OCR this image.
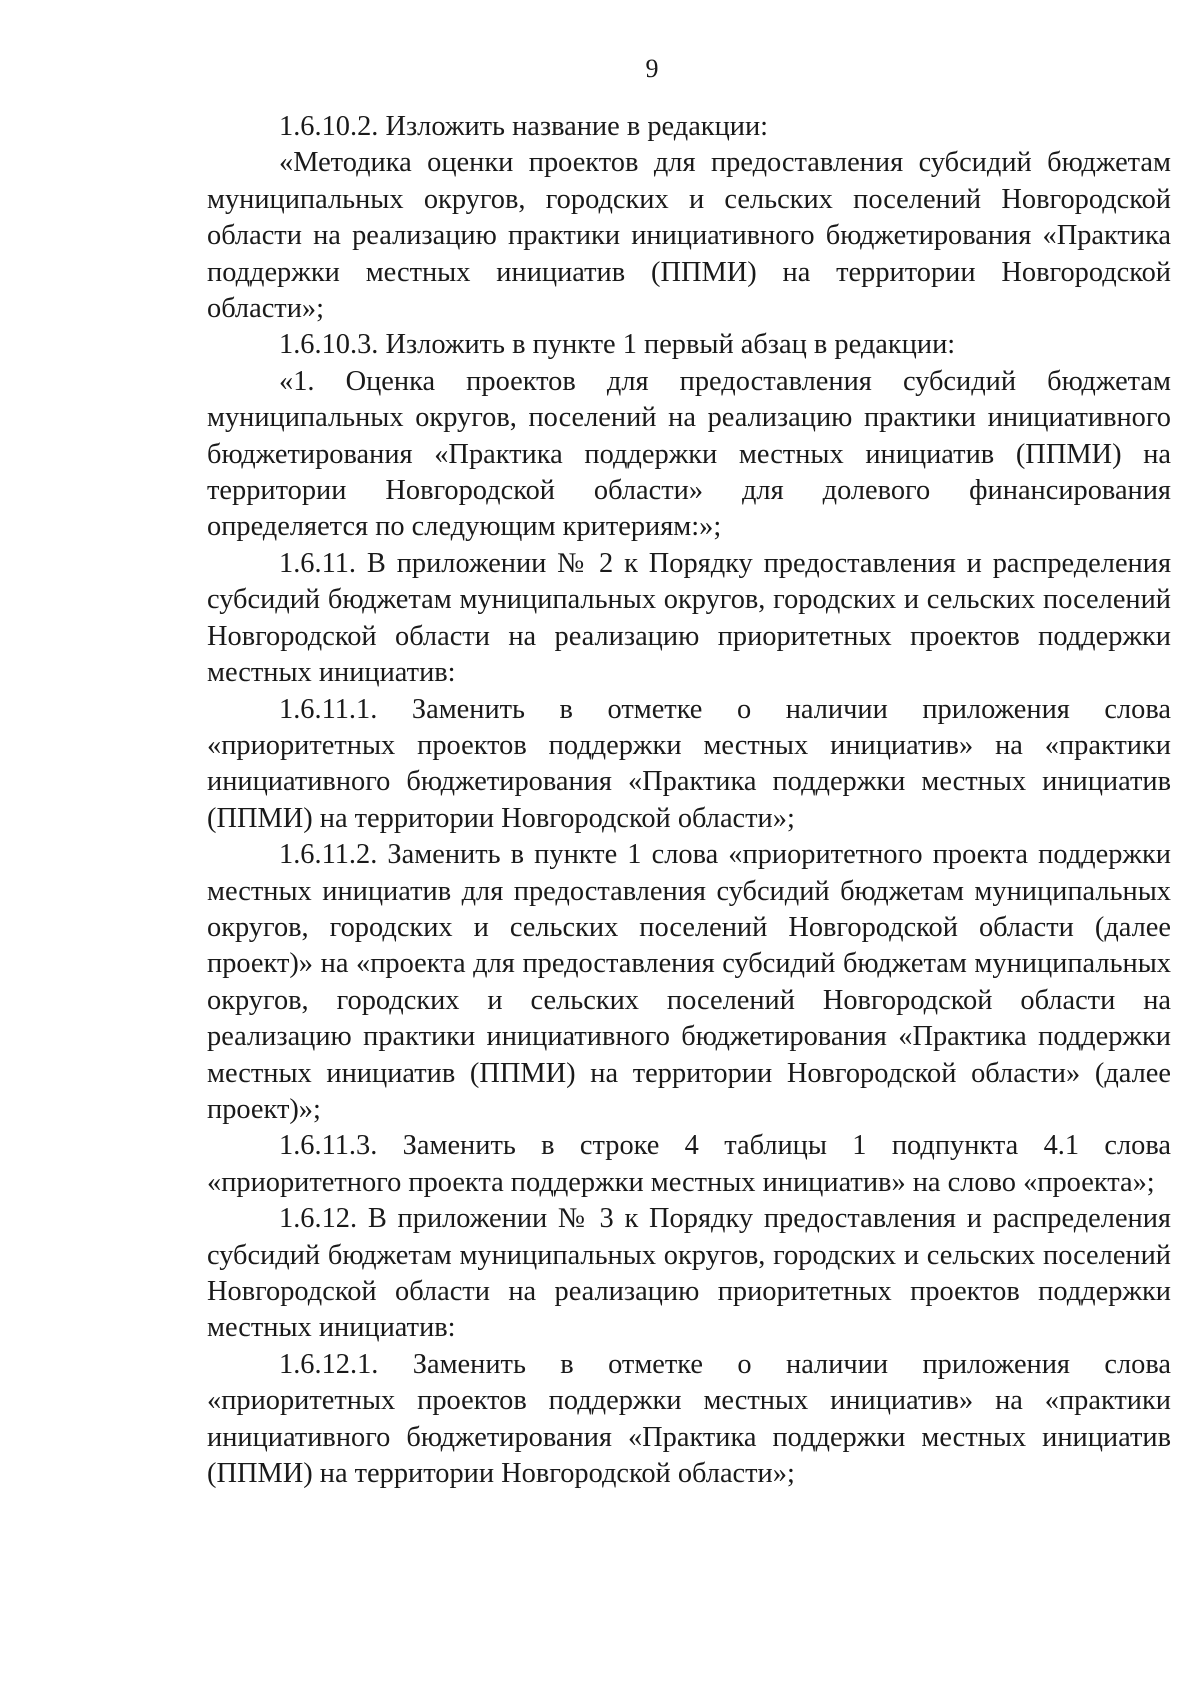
9

1.6.10.2. Изложить название в редакции:

«Методика оценки проектов для предоставления субсидий бюджетам муниципальных округов, городских и сельских поселений Новгородской области на реализацию практики инициативного бюджетирования «Практика поддержки местных инициатив (ППМИ) на территории Новгородской области»;

1.6.10.3. Изложить в пункте 1 первый абзац в редакции:

«1. Оценка проектов для предоставления субсидий бюджетам муниципальных округов, поселений на реализацию практики инициативного бюджетирования «Практика поддержки местных инициатив (ППМИ) на территории Новгородской области» для долевого финансирования определяется по следующим критериям:»;

1.6.11. В приложении № 2 к Порядку предоставления и распределения субсидий бюджетам муниципальных округов, городских и сельских поселений Новгородской области на реализацию приоритетных проектов поддержки местных инициатив:

1.6.11.1. Заменить в отметке о наличии приложения слова «приоритетных проектов поддержки местных инициатив» на «практики инициативного бюджетирования «Практика поддержки местных инициатив (ППМИ) на территории Новгородской области»;

1.6.11.2. Заменить в пункте 1 слова «приоритетного проекта поддержки местных инициатив для предоставления субсидий бюджетам муниципальных округов, городских и сельских поселений Новгородской области (далее проект)» на «проекта для предоставления субсидий бюджетам муниципальных округов, городских и сельских поселений Новгородской области на реализацию практики инициативного бюджетирования «Практика поддержки местных инициатив (ППМИ) на территории Новгородской области» (далее проект)»;

1.6.11.3. Заменить в строке 4 таблицы 1 подпункта 4.1 слова «приоритетного проекта поддержки местных инициатив» на слово «проекта»;

1.6.12. В приложении № 3 к Порядку предоставления и распределения субсидий бюджетам муниципальных округов, городских и сельских поселений Новгородской области на реализацию приоритетных проектов поддержки местных инициатив:

1.6.12.1. Заменить в отметке о наличии приложения слова «приоритетных проектов поддержки местных инициатив» на «практики инициативного бюджетирования «Практика поддержки местных инициатив (ППМИ) на территории Новгородской области»;
